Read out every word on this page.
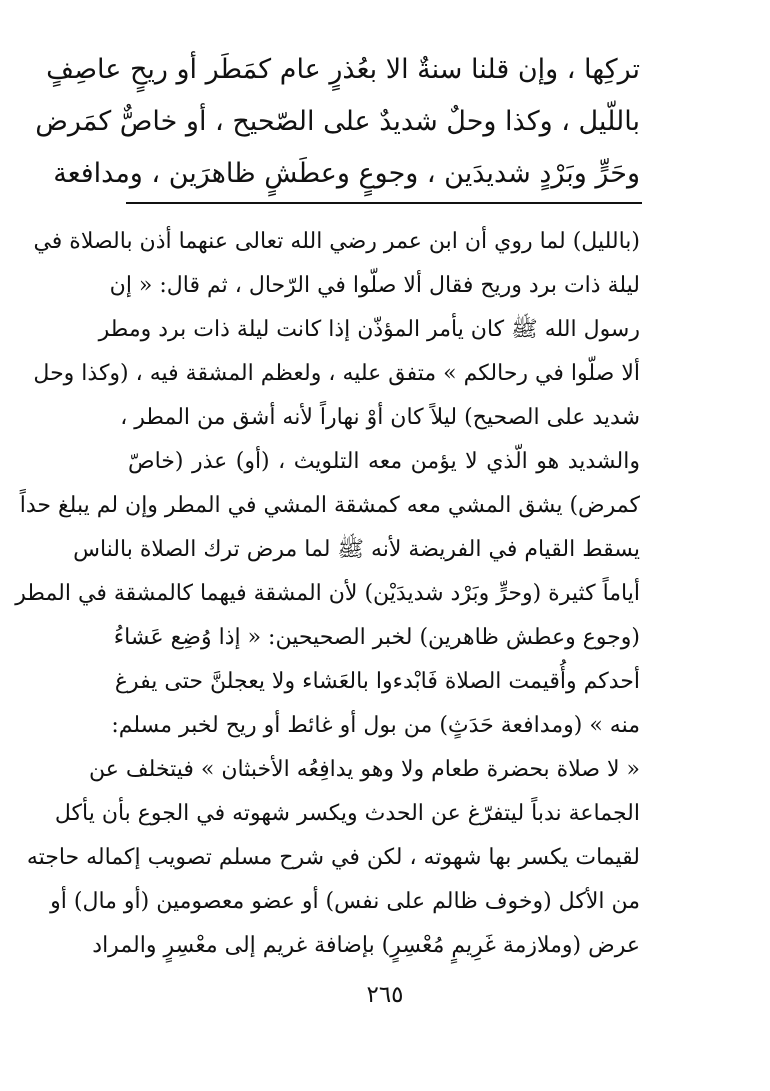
تركِها ، وإن قلنا سنةٌ الا بعُذرٍ عام كمَطَر أو ريحٍ عاصِفٍ
باللّيل ، وكذا وحلٌ شديدٌ على الصّحيح ، أو خاصٌّ كمَرض
وحَرٍّ وبَرْدٍ شديدَين ، وجوعٍ وعطَشٍ ظاهرَين ، ومدافعة
(بالليل) لما روي أن ابن عمر رضي الله تعالى عنهما أذن بالصلاة في
ليلة ذات برد وريح فقال ألا صلّوا في الرّحال ، ثم قال: « إن
رسول الله ﷺ كان يأمر المؤذّن إذا كانت ليلة ذات برد ومطر
ألا صلّوا في رحالكم » متفق عليه ، ولعظم المشقة فيه ، (وكذا وحل
شديد على الصحيح) ليلاً كان أوْ نهاراً لأنه أشق من المطر ،
والشديد هو الّذي لا يؤمن معه التلويث ، (أو) عذر (خاصّ
كمرض) يشق المشي معه كمشقة المشي في المطر وإن لم يبلغ حداً
يسقط القيام في الفريضة لأنه ﷺ لما مرض ترك الصلاة بالناس
أياماً كثيرة (وحرٍّ وبَرْد شديدَيْن) لأن المشقة فيهما كالمشقة في المطر
(وجوع وعطش ظاهرين) لخبر الصحيحين: « إذا وُضِع عَشاءُ
أحدكم وأُقيمت الصلاة فَابْدءوا بالعَشاء ولا يعجلنَّ حتى يفرغ
منه » (ومدافعة حَدَثٍ) من بول أو غائط أو ريح لخبر مسلم:
« لا صلاة بحضرة طعام ولا وهو يدافِعُه الأخبثان » فيتخلف عن
الجماعة ندباً ليتفرّغ عن الحدث ويكسر شهوته في الجوع بأن يأكل
لقيمات يكسر بها شهوته ، لكن في شرح مسلم تصويب إكماله حاجته
من الأكل (وخوف ظالم على نفس) أو عضو معصومين (أو مال) أو
عرض (وملازمة غَرِيمٍ مُعْسِرٍ) بإضافة غريم إلى معْسِرٍ والمراد
٢٦٥
